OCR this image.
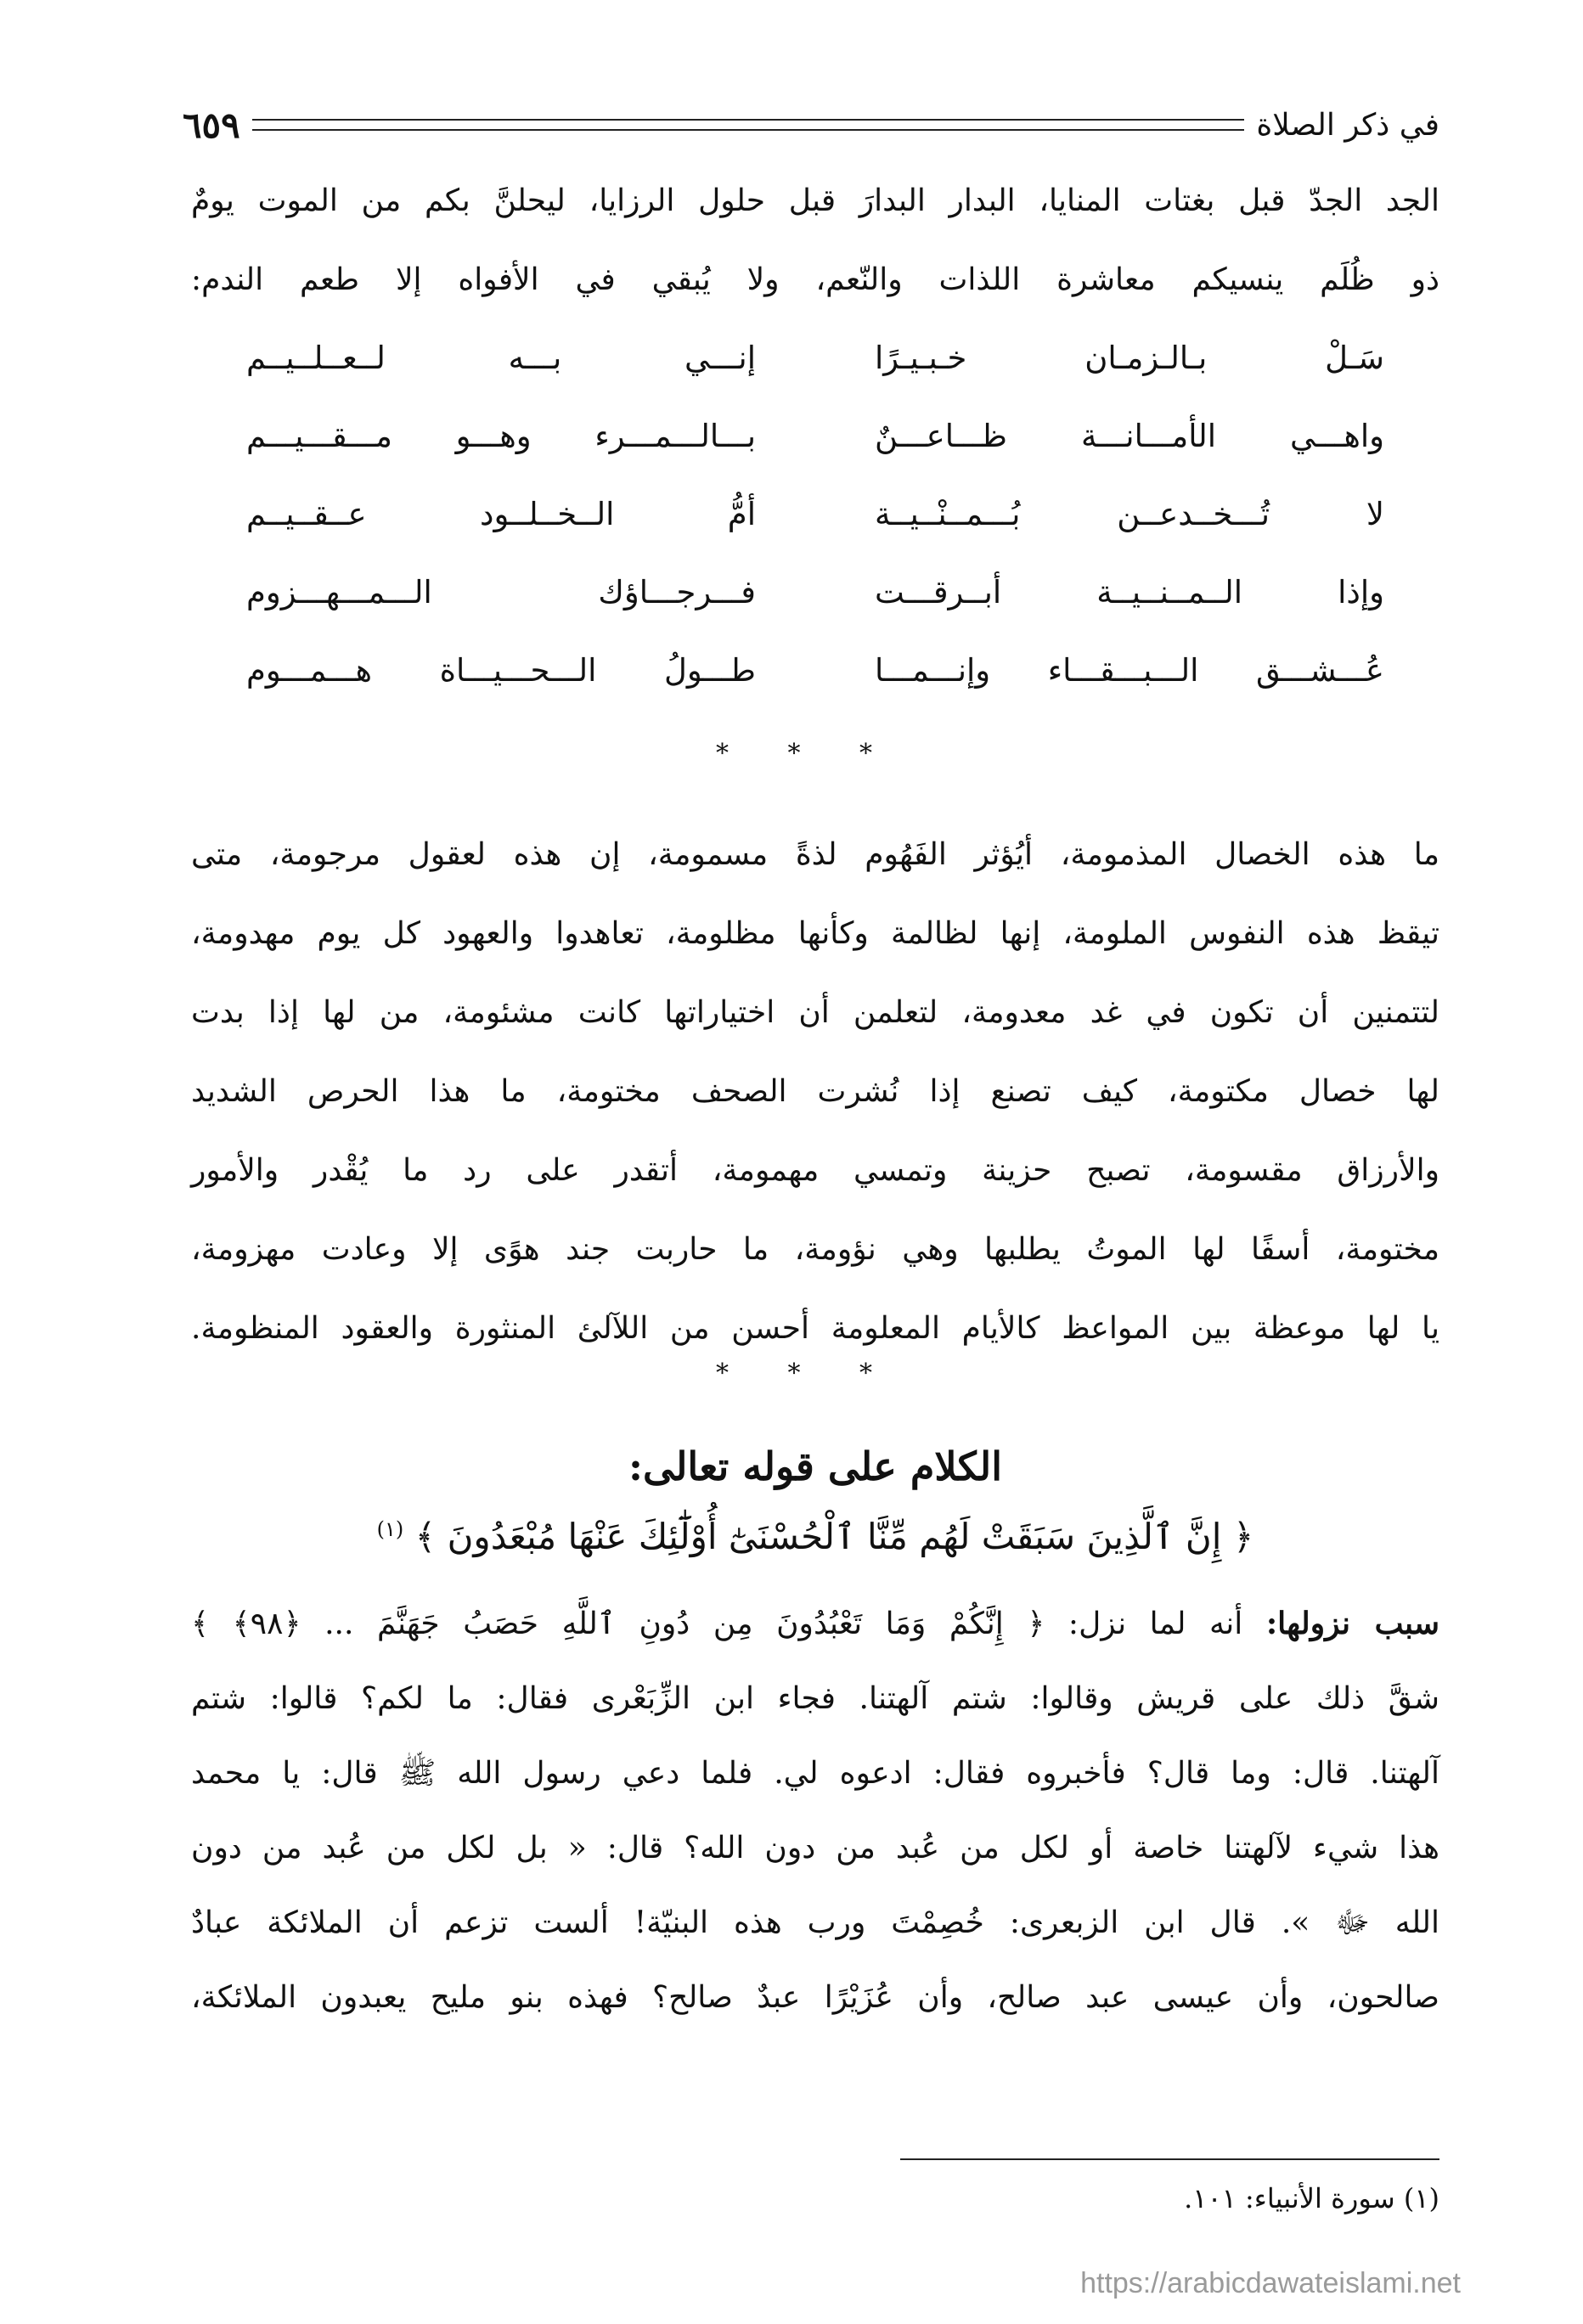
في ذكر الصلاة
٦٥٩
الجد الجدّ قبل بغتات المنايا، البدار البدارَ قبل حلول الرزايا، ليحلنَّ بكم من الموت يومٌ
ذو ظُلَم ينسيكم معاشرة اللذات والنّعم، ولا يُبقي في الأفواه إلا طعم الندم:
سَـلْ بـالـزمـان خـبـيـرًا
إنـــي بـــه لــعــلــيــم
واهـــي الأمـــانـــة ظـــاعـــنٌ
بـــالـــمـــرء وهـــو مـــقـــيـــم
لا تُـــخــدعــن بُـــمــنْــيــة
أمُّ الــخــلــود عــقــيــم
وإذا الــمــنــيــة أبــرقـــت
فـــرجـــاؤك الـــمـــهـــزوم
عُـــشـــق الـــبـــقـــاء وإنـــمـــا
طـــولُ الـــحـــيـــاة هـــمـــوم
* * *
ما هذه الخصال المذمومة، أيُؤثر الفَهُوم لذةً مسمومة، إن هذه لعقول مرجومة، متى
تيقظ هذه النفوس الملومة، إنها لظالمة وكأنها مظلومة، تعاهدوا والعهود كل يوم مهدومة،
لتتمنين أن تكون في غد معدومة، لتعلمن أن اختياراتها كانت مشئومة، من لها إذا بدت
لها خصال مكتومة، كيف تصنع إذا نُشرت الصحف مختومة، ما هذا الحرص الشديد
والأرزاق مقسومة، تصبح حزينة وتمسي مهمومة، أتقدر على رد ما يُقْدر والأمور
مختومة، أسفًا لها الموتُ يطلبها وهي نؤومة، ما حاربت جند هوًى إلا وعادت مهزومة،
يا لها موعظة بين المواعظ كالأيام المعلومة أحسن من اللآلئ المنثورة والعقود المنظومة.
* * *
الكلام على قوله تعالى:
﴿ إِنَّ ٱلَّذِينَ سَبَقَتْ لَهُم مِّنَّا ٱلْحُسْنَىٰٓ أُوْلَٰٓئِكَ عَنْهَا مُبْعَدُونَ ﴾ $^{(١)}$
سبب نزولها: أنه لما نزل: ﴿ إِنَّكُمْ وَمَا تَعْبُدُونَ مِن دُونِ ٱللَّهِ حَصَبُ جَهَنَّمَ ... ﴿٩٨﴾ ﴾
شقَّ ذلك على قريش وقالوا: شتم آلهتنا. فجاء ابن الزِّبَعْرى فقال: ما لكم؟ قالوا: شتم
آلهتنا. قال: وما قال؟ فأخبروه فقال: ادعوه لي. فلما دعي رسول الله ﷺ قال: يا محمد
هذا شيء لآلهتنا خاصة أو لكل من عُبد من دون الله؟ قال: « بل لكل من عُبد من دون
الله ﷻ ». قال ابن الزبعرى: خُصِمْتَ ورب هذه البنيّة! ألست تزعم أن الملائكة عبادٌ
صالحون، وأن عيسى عبد صالح، وأن عُزَيْرًا عبدٌ صالح؟ فهذه بنو مليح يعبدون الملائكة،
(١) سورة الأنبياء: ١٠١.
https://arabicdawateislami.net
